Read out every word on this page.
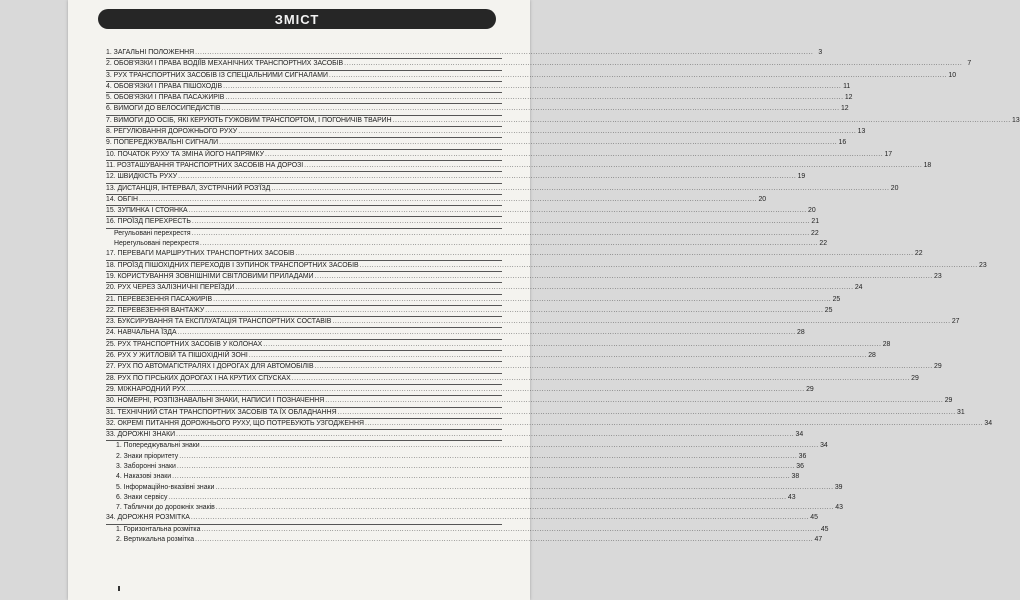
ЗМІСТ
1. ЗАГАЛЬНІ ПОЛОЖЕННЯ .....	3
2. ОБОВ'ЯЗКИ І ПРАВА ВОДІЇВ МЕХАНІЧНИХ ТРАНСПОРТНИХ ЗАСОБІВ .....	7
3. РУХ ТРАНСПОРТНИХ ЗАСОБІВ ІЗ СПЕЦІАЛЬНИМИ СИГНАЛАМИ .....	10
4. ОБОВ'ЯЗКИ І ПРАВА ПІШОХОДІВ .....	11
5. ОБОВ'ЯЗКИ І ПРАВА ПАСАЖИРІВ .....	12
6. ВИМОГИ ДО ВЕЛОСИПЕДИСТІВ .....	12
7. ВИМОГИ ДО ОСІБ, ЯКІ КЕРУЮТЬ ГУЖОВИМ ТРАНСПОРТОМ, І ПОГОНИЧІВ ТВАРИН .....	13
8. РЕГУЛЮВАННЯ ДОРОЖНЬОГО РУХУ .....	13
9. ПОПЕРЕДЖУВАЛЬНІ СИГНАЛИ .....	16
10. ПОЧАТОК РУХУ ТА ЗМІНА ЙОГО НАПРЯМКУ .....	17
11. РОЗТАШУВАННЯ ТРАНСПОРТНИХ ЗАСОБІВ НА ДОРОЗІ .....	18
12. ШВИДКІСТЬ РУХУ .....	19
13. ДИСТАНЦІЯ, ІНТЕРВАЛ, ЗУСТРІЧНИЙ РОЗ'ЇЗД .....	20
14. ОБГІН .....	20
15. ЗУПИНКА І СТОЯНКА .....	20
16. ПРОЇЗД ПЕРЕХРЕСТЬ .....	21
Регульовані перехрестя .....	22
Нерегульовані перехрестя .....	22
17. ПЕРЕВАГИ МАРШРУТНИХ ТРАНСПОРТНИХ ЗАСОБІВ .....	22
18. ПРОЇЗД ПІШОХІДНИХ ПЕРЕХОДІВ І ЗУПИНОК ТРАНСПОРТНИХ ЗАСОБІВ .....	23
19. КОРИСТУВАННЯ ЗОВНІШНІМИ СВІТЛОВИМИ ПРИЛАДАМИ .....	23
20. РУХ ЧЕРЕЗ ЗАЛІЗНИЧНІ ПЕРЕЇЗДИ .....	24
21. ПЕРЕВЕЗЕННЯ ПАСАЖИРІВ .....	25
22. ПЕРЕВЕЗЕННЯ ВАНТАЖУ .....	25
23. БУКСИРУВАННЯ ТА ЕКСПЛУАТАЦІЯ ТРАНСПОРТНИХ СОСТАВІВ .....	27
24. НАВЧАЛЬНА ЇЗДА .....	28
25. РУХ ТРАНСПОРТНИХ ЗАСОБІВ У КОЛОНАХ .....	28
26. РУХ У ЖИТЛОВІЙ ТА ПІШОХІДНІЙ ЗОНІ .....	28
27. РУХ ПО АВТОМАГІСТРАЛЯХ І ДОРОГАХ ДЛЯ АВТОМОБІЛІВ .....	29
28. РУХ ПО ГІРСЬКИХ ДОРОГАХ І НА КРУТИХ СПУСКАХ .....	29
29. МІЖНАРОДНИЙ РУХ .....	29
30. НОМЕРНІ, РОЗПІЗНАВАЛЬНІ ЗНАКИ, НАПИСИ І ПОЗНАЧЕННЯ .....	29
31. ТЕХНІЧНИЙ СТАН ТРАНСПОРТНИХ ЗАСОБІВ ТА ЇХ ОБЛАДНАННЯ .....	31
32. ОКРЕМІ ПИТАННЯ ДОРОЖНЬОГО РУХУ, ЩО ПОТРЕБУЮТЬ УЗГОДЖЕННЯ .....	34
33. ДОРОЖНІ ЗНАКИ .....	34
1. Попереджувальні знаки .....	34
2. Знаки пріоритету .....	36
3. Заборонні знаки .....	36
4. Наказові знаки .....	38
5. Інформаційно-вказівні знаки .....	39
6. Знаки сервісу .....	43
7. Таблички до дорожніх знаків .....	43
34. ДОРОЖНЯ РОЗМІТКА .....	45
1. Горизонтальна розмітка .....	45
2. Вертикальна розмітка .....	47
